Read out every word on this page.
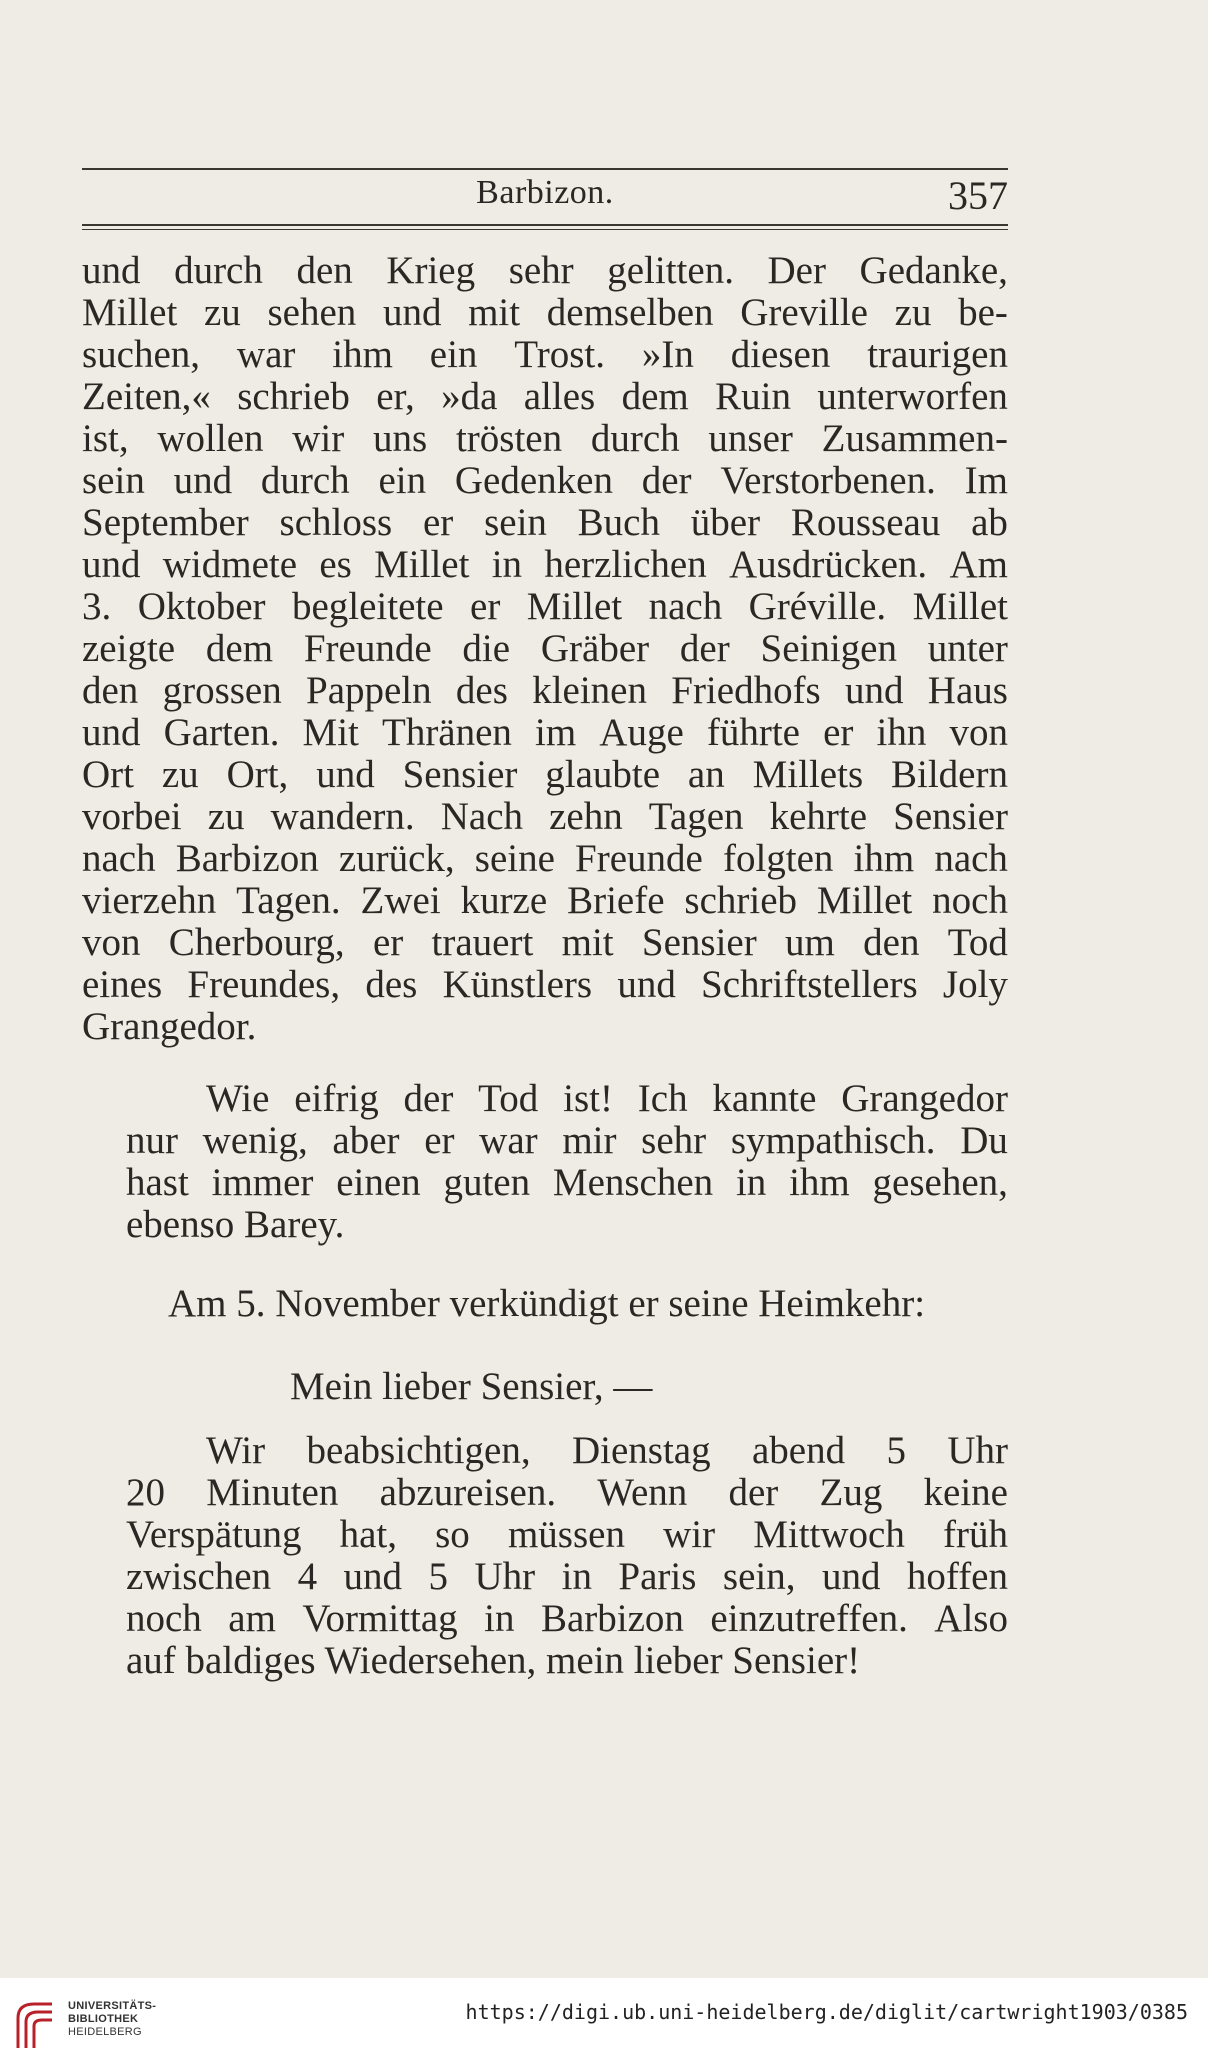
Barbizon.	357
und durch den Krieg sehr gelitten. Der Gedanke,
Millet zu sehen und mit demselben Greville zu be-
suchen, war ihm ein Trost. »In diesen traurigen
Zeiten,« schrieb er, »da alles dem Ruin unterworfen
ist, wollen wir uns trösten durch unser Zusammen-
sein und durch ein Gedenken der Verstorbenen. Im
September schloss er sein Buch über Rousseau ab
und widmete es Millet in herzlichen Ausdrücken. Am
3. Oktober begleitete er Millet nach Gréville. Millet
zeigte dem Freunde die Gräber der Seinigen unter
den grossen Pappeln des kleinen Friedhofs und Haus
und Garten. Mit Thränen im Auge führte er ihn von
Ort zu Ort, und Sensier glaubte an Millets Bildern
vorbei zu wandern. Nach zehn Tagen kehrte Sensier
nach Barbizon zurück, seine Freunde folgten ihm nach
vierzehn Tagen. Zwei kurze Briefe schrieb Millet noch
von Cherbourg, er trauert mit Sensier um den Tod
eines Freundes, des Künstlers und Schriftstellers Joly
Grangedor.
Wie eifrig der Tod ist! Ich kannte Grangedor
nur wenig, aber er war mir sehr sympathisch. Du
hast immer einen guten Menschen in ihm gesehen,
ebenso Barey.
Am 5. November verkündigt er seine Heimkehr:
Mein lieber Sensier, —
Wir beabsichtigen, Dienstag abend 5 Uhr
20 Minuten abzureisen. Wenn der Zug keine
Verspätung hat, so müssen wir Mittwoch früh
zwischen 4 und 5 Uhr in Paris sein, und hoffen
noch am Vormittag in Barbizon einzutreffen. Also
auf baldiges Wiedersehen, mein lieber Sensier!
UNIVERSITÄTS-
BIBLIOTHEK
HEIDELBERG
https://digi.ub.uni-heidelberg.de/diglit/cartwright1903/0385
